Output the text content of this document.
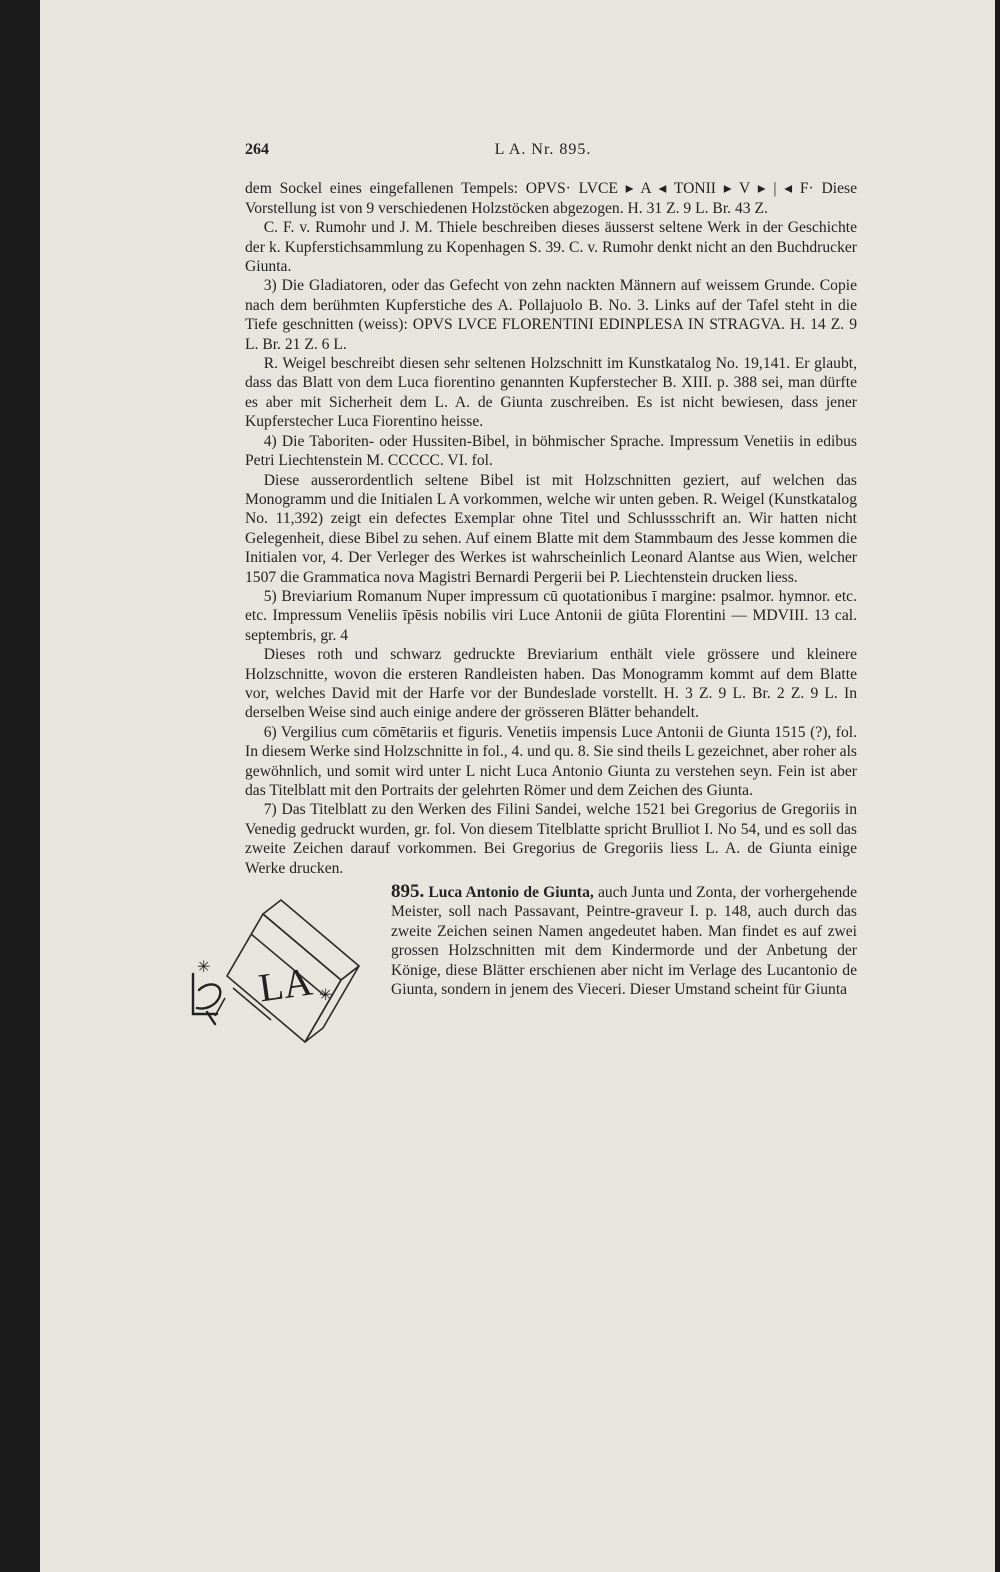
264	L A. Nr. 895.

dem Sockel eines eingefallenen Tempels: OPVS· LVCE ▸ A ◂ TONII ▸ V ▸ | ◂ F· Diese Vorstellung ist von 9 verschiedenen Holzstöcken abgezogen. H. 31 Z. 9 L. Br. 43 Z.

C. F. v. Rumohr und J. M. Thiele beschreiben dieses äusserst seltene Werk in der Geschichte der k. Kupferstichsammlung zu Kopenhagen S. 39. C. v. Rumohr denkt nicht an den Buchdrucker Giunta.

3) Die Gladiatoren, oder das Gefecht von zehn nackten Männern auf weissem Grunde. Copie nach dem berühmten Kupferstiche des A. Pollajuolo B. No. 3. Links auf der Tafel steht in die Tiefe geschnitten (weiss): OPVS LVCE FLORENTINI EDINPLESA IN STRAGVA. H. 14 Z. 9 L. Br. 21 Z. 6 L.

R. Weigel beschreibt diesen sehr seltenen Holzschnitt im Kunstkatalog No. 19,141. Er glaubt, dass das Blatt von dem Luca fiorentino genannten Kupferstecher B. XIII. p. 388 sei, man dürfte es aber mit Sicherheit dem L. A. de Giunta zuschreiben. Es ist nicht bewiesen, dass jener Kupferstecher Luca Fiorentino heisse.

4) Die Taboriten- oder Hussiten-Bibel, in böhmischer Sprache. Impressum Venetiis in edibus Petri Liechtenstein M. CCCCC. VI. fol.

Diese ausserordentlich seltene Bibel ist mit Holzschnitten geziert, auf welchen das Monogramm und die Initialen L A vorkommen, welche wir unten geben. R. Weigel (Kunstkatalog No. 11,392) zeigt ein defectes Exemplar ohne Titel und Schlussschrift an. Wir hatten nicht Gelegenheit, diese Bibel zu sehen. Auf einem Blatte mit dem Stammbaum des Jesse kommen die Initialen vor, 4. Der Verleger des Werkes ist wahrscheinlich Leonard Alantse aus Wien, welcher 1507 die Grammatica nova Magistri Bernardi Pergerii bei P. Liechtenstein drucken liess.

5) Breviarium Romanum Nuper impressum cū quotationibus ī margine: psalmor. hymnor. etc. etc. Impressum Veneliis īpēsis nobilis viri Luce Antonii de giūta Florentini — MDVIII. 13 cal. septembris, gr. 4

Dieses roth und schwarz gedruckte Breviarium enthält viele grössere und kleinere Holzschnitte, wovon die ersteren Randleisten haben. Das Monogramm kommt auf dem Blatte vor, welches David mit der Harfe vor der Bundeslade vorstellt. H. 3 Z. 9 L. Br. 2 Z. 9 L. In derselben Weise sind auch einige andere der grösseren Blätter behandelt.

6) Vergilius cum cōmētariis et figuris. Venetiis impensis Luce Antonii de Giunta 1515 (?), fol. In diesem Werke sind Holzschnitte in fol., 4. und qu. 8. Sie sind theils L gezeichnet, aber roher als gewöhnlich, und somit wird unter L nicht Luca Antonio Giunta zu verstehen seyn. Fein ist aber das Titelblatt mit den Portraits der gelehrten Römer und dem Zeichen des Giunta.

7) Das Titelblatt zu den Werken des Filini Sandei, welche 1521 bei Gregorius de Gregoriis in Venedig gedruckt wurden, gr. fol. Von diesem Titelblatte spricht Brulliot I. No 54, und es soll das zweite Zeichen darauf vorkommen. Bei Gregorius de Gregoriis liess L. A. de Giunta einige Werke drucken.

LA ✳
✳

895. Luca Antonio de Giunta, auch Junta und Zonta, der vorhergehende Meister, soll nach Passavant, Peintre-graveur I. p. 148, auch durch das zweite Zeichen seinen Namen angedeutet haben. Man findet es auf zwei grossen Holzschnitten mit dem Kindermorde und der Anbetung der Könige, diese Blätter erschienen aber nicht im Verlage des Lucantonio de Giunta, sondern in jenem des Vieceri. Dieser Umstand scheint für Giunta
